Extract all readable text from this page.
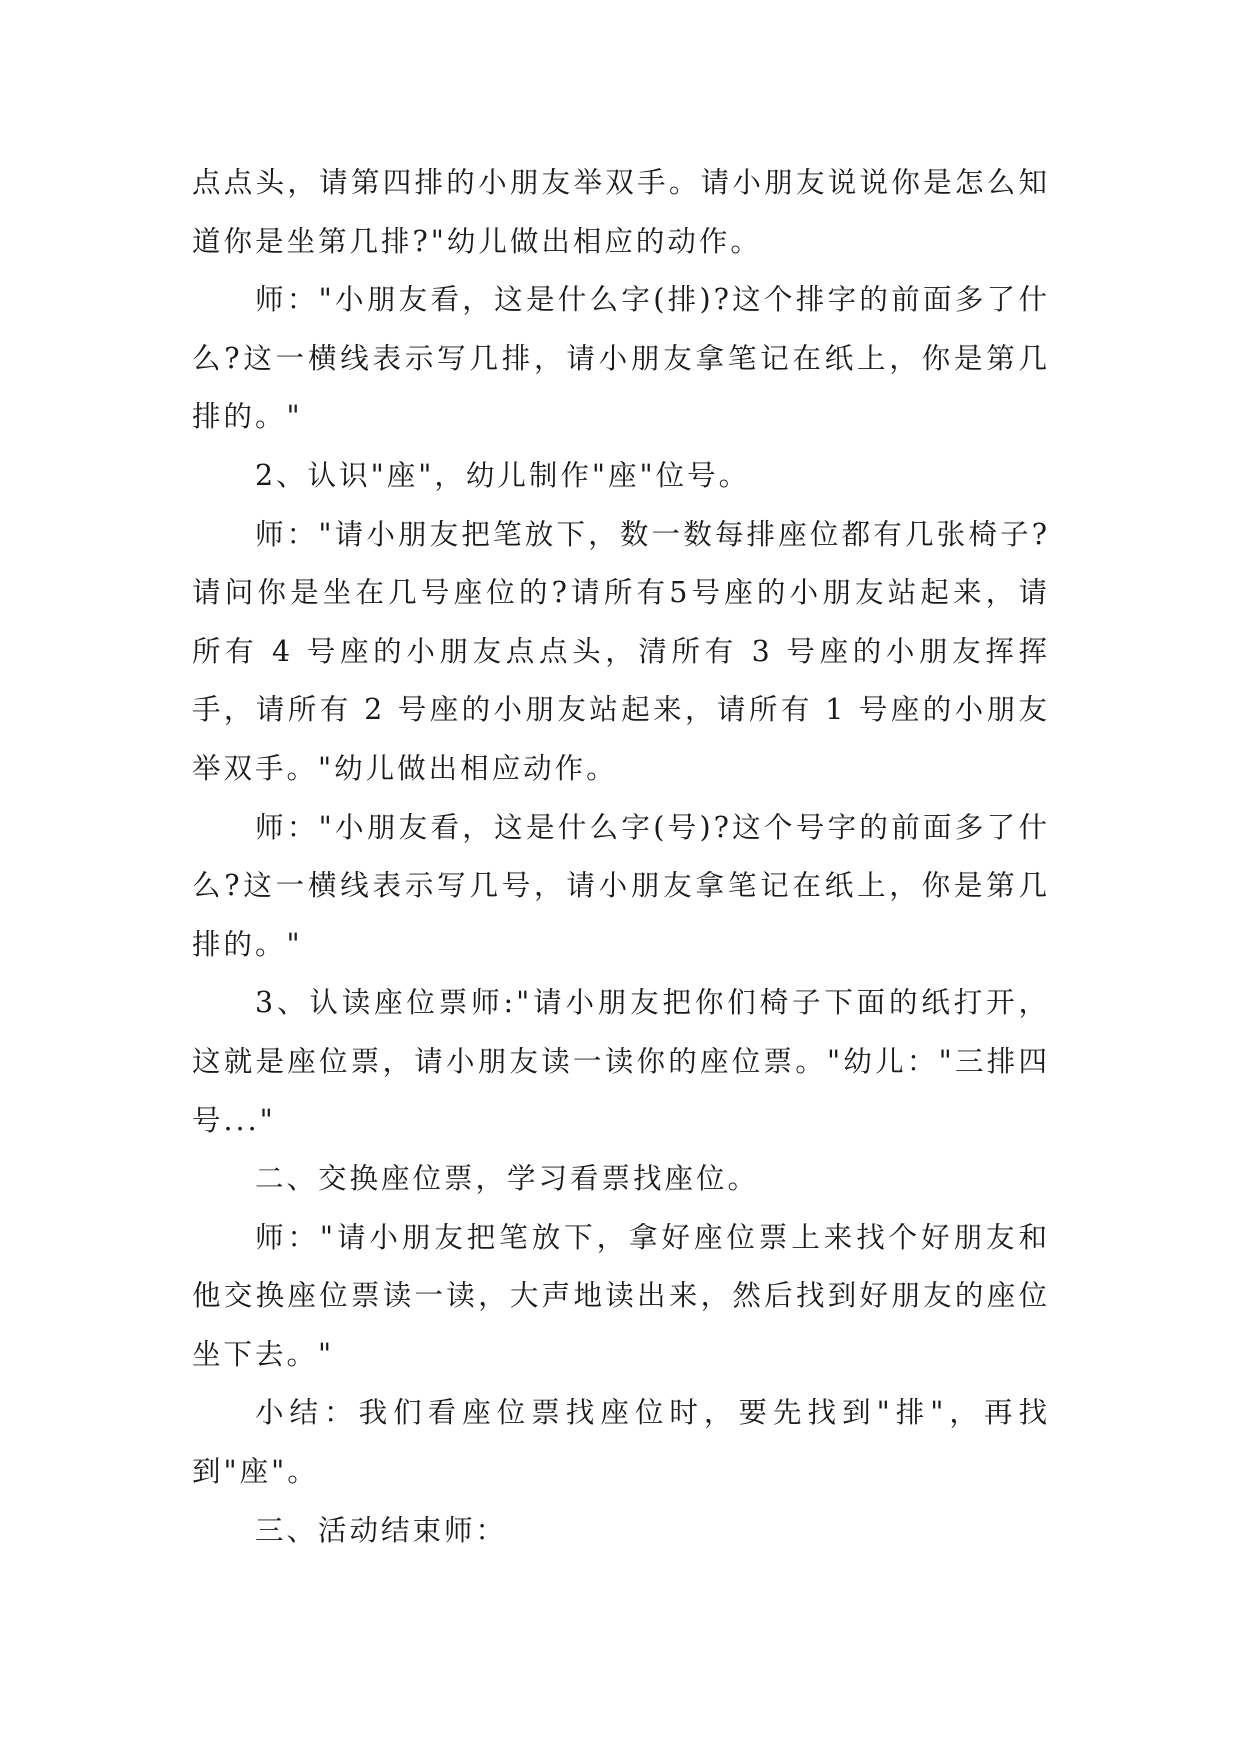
点点头，请第四排的小朋友举双手。请小朋友说说你是怎么知道你是坐第几排?"幼儿做出相应的动作。

师："小朋友看，这是什么字(排)?这个排字的前面多了什么?这一横线表示写几排，请小朋友拿笔记在纸上，你是第几排的。"

2、认识"座"，幼儿制作"座"位号。

师："请小朋友把笔放下，数一数每排座位都有几张椅子?请问你是坐在几号座位的?请所有5号座的小朋友站起来，请所有 4 号座的小朋友点点头，清所有 3 号座的小朋友挥挥手，请所有 2 号座的小朋友站起来，请所有 1 号座的小朋友举双手。"幼儿做出相应动作。

师："小朋友看，这是什么字(号)?这个号字的前面多了什么?这一横线表示写几号，请小朋友拿笔记在纸上，你是第几排的。"

3、认读座位票师:"请小朋友把你们椅子下面的纸打开，这就是座位票，请小朋友读一读你的座位票。"幼儿："三排四号..."

二、交换座位票，学习看票找座位。

师："请小朋友把笔放下，拿好座位票上来找个好朋友和他交换座位票读一读，大声地读出来，然后找到好朋友的座位坐下去。"

小结：我们看座位票找座位时，要先找到"排"，再找到"座"。

三、活动结束师：
